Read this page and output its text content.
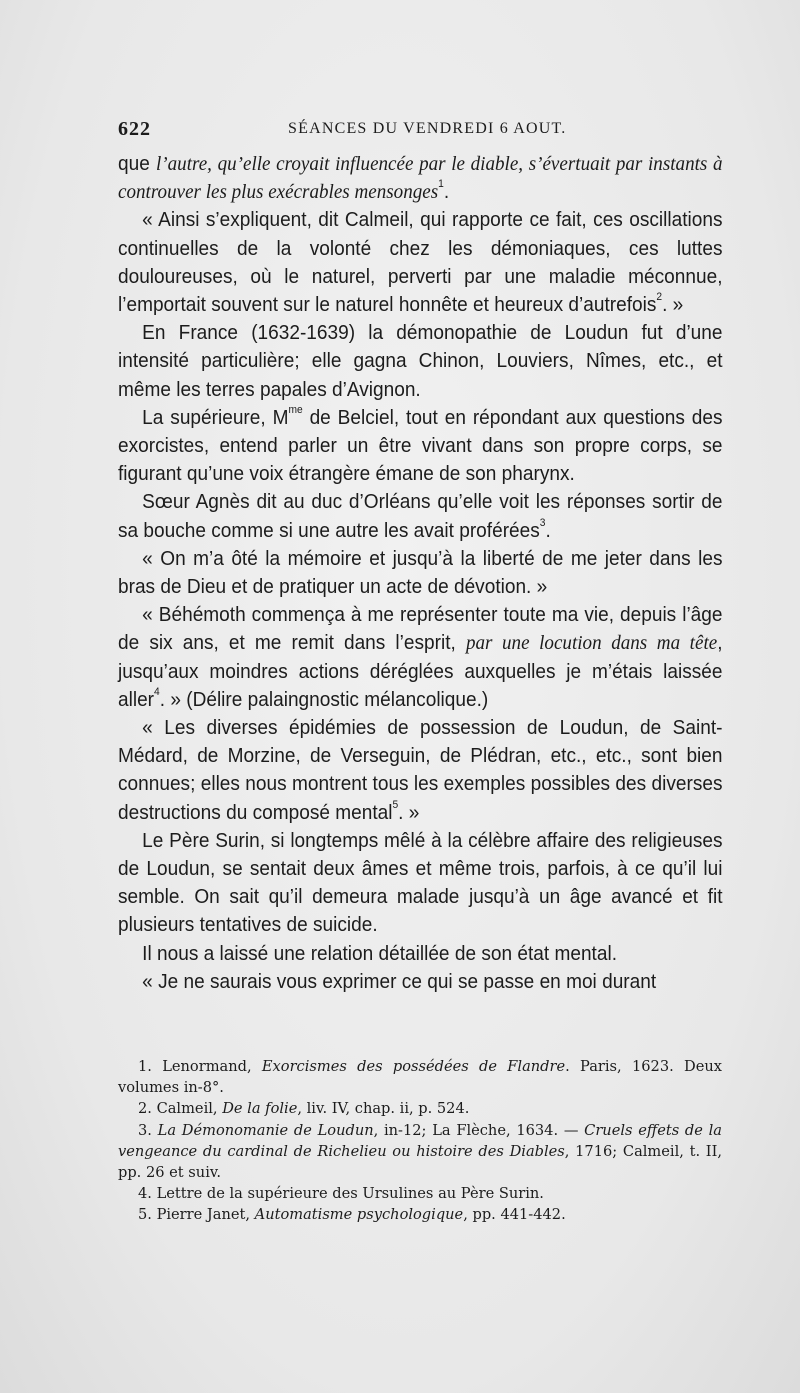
622	SÉANCES DU VENDREDI 6 AOUT.

que l’autre, qu’elle croyait influencée par le diable, s’évertuait par instants à controuver les plus exécrables mensonges$^1$.

« Ainsi s’expliquent, dit Calmeil, qui rapporte ce fait, ces oscillations continuelles de la volonté chez les démoniaques, ces luttes douloureuses, où le naturel, perverti par une maladie méconnue, l’emportait souvent sur le naturel honnête et heureux d’autrefois$^2$. »

En France (1632-1639) la démonopathie de Loudun fut d’une intensité particulière; elle gagna Chinon, Louviers, Nîmes, etc., et même les terres papales d’Avignon.

La supérieure, $M^{me}$ de Belciel, tout en répondant aux questions des exorcistes, entend parler un être vivant dans son propre corps, se figurant qu’une voix étrangère émane de son pharynx.

Sœur Agnès dit au duc d’Orléans qu’elle voit les réponses sortir de sa bouche comme si une autre les avait proférées$^3$.

« On m’a ôté la mémoire et jusqu’à la liberté de me jeter dans les bras de Dieu et de pratiquer un acte de dévotion. »

« Béhémoth commença à me représenter toute ma vie, depuis l’âge de six ans, et me remit dans l’esprit, par une locution dans ma tête, jusqu’aux moindres actions déréglées auxquelles je m’étais laissée aller$^4$. » (Délire palaingnostic mélancolique.)

« Les diverses épidémies de possession de Loudun, de Saint-Médard, de Morzine, de Verseguin, de Plédran, etc., etc., sont bien connues; elles nous montrent tous les exemples possibles des diverses destructions du composé mental$^5$. »

Le Père Surin, si longtemps mêlé à la célèbre affaire des religieuses de Loudun, se sentait deux âmes et même trois, parfois, à ce qu’il lui semble. On sait qu’il demeura malade jusqu’à un âge avancé et fit plusieurs tentatives de suicide.

Il nous a laissé une relation détaillée de son état mental.

« Je ne saurais vous exprimer ce qui se passe en moi durant

1. Lenormand, Exorcismes des possédées de Flandre. Paris, 1623. Deux volumes in-8°.

2. Calmeil, De la folie, liv. IV, chap. ii, p. 524.

3. La Démonomanie de Loudun, in-12; La Flèche, 1634. — Cruels effets de la vengeance du cardinal de Richelieu ou histoire des Diables, 1716; Calmeil, t. II, pp. 26 et suiv.

4. Lettre de la supérieure des Ursulines au Père Surin.

5. Pierre Janet, Automatisme psychologique, pp. 441-442.
